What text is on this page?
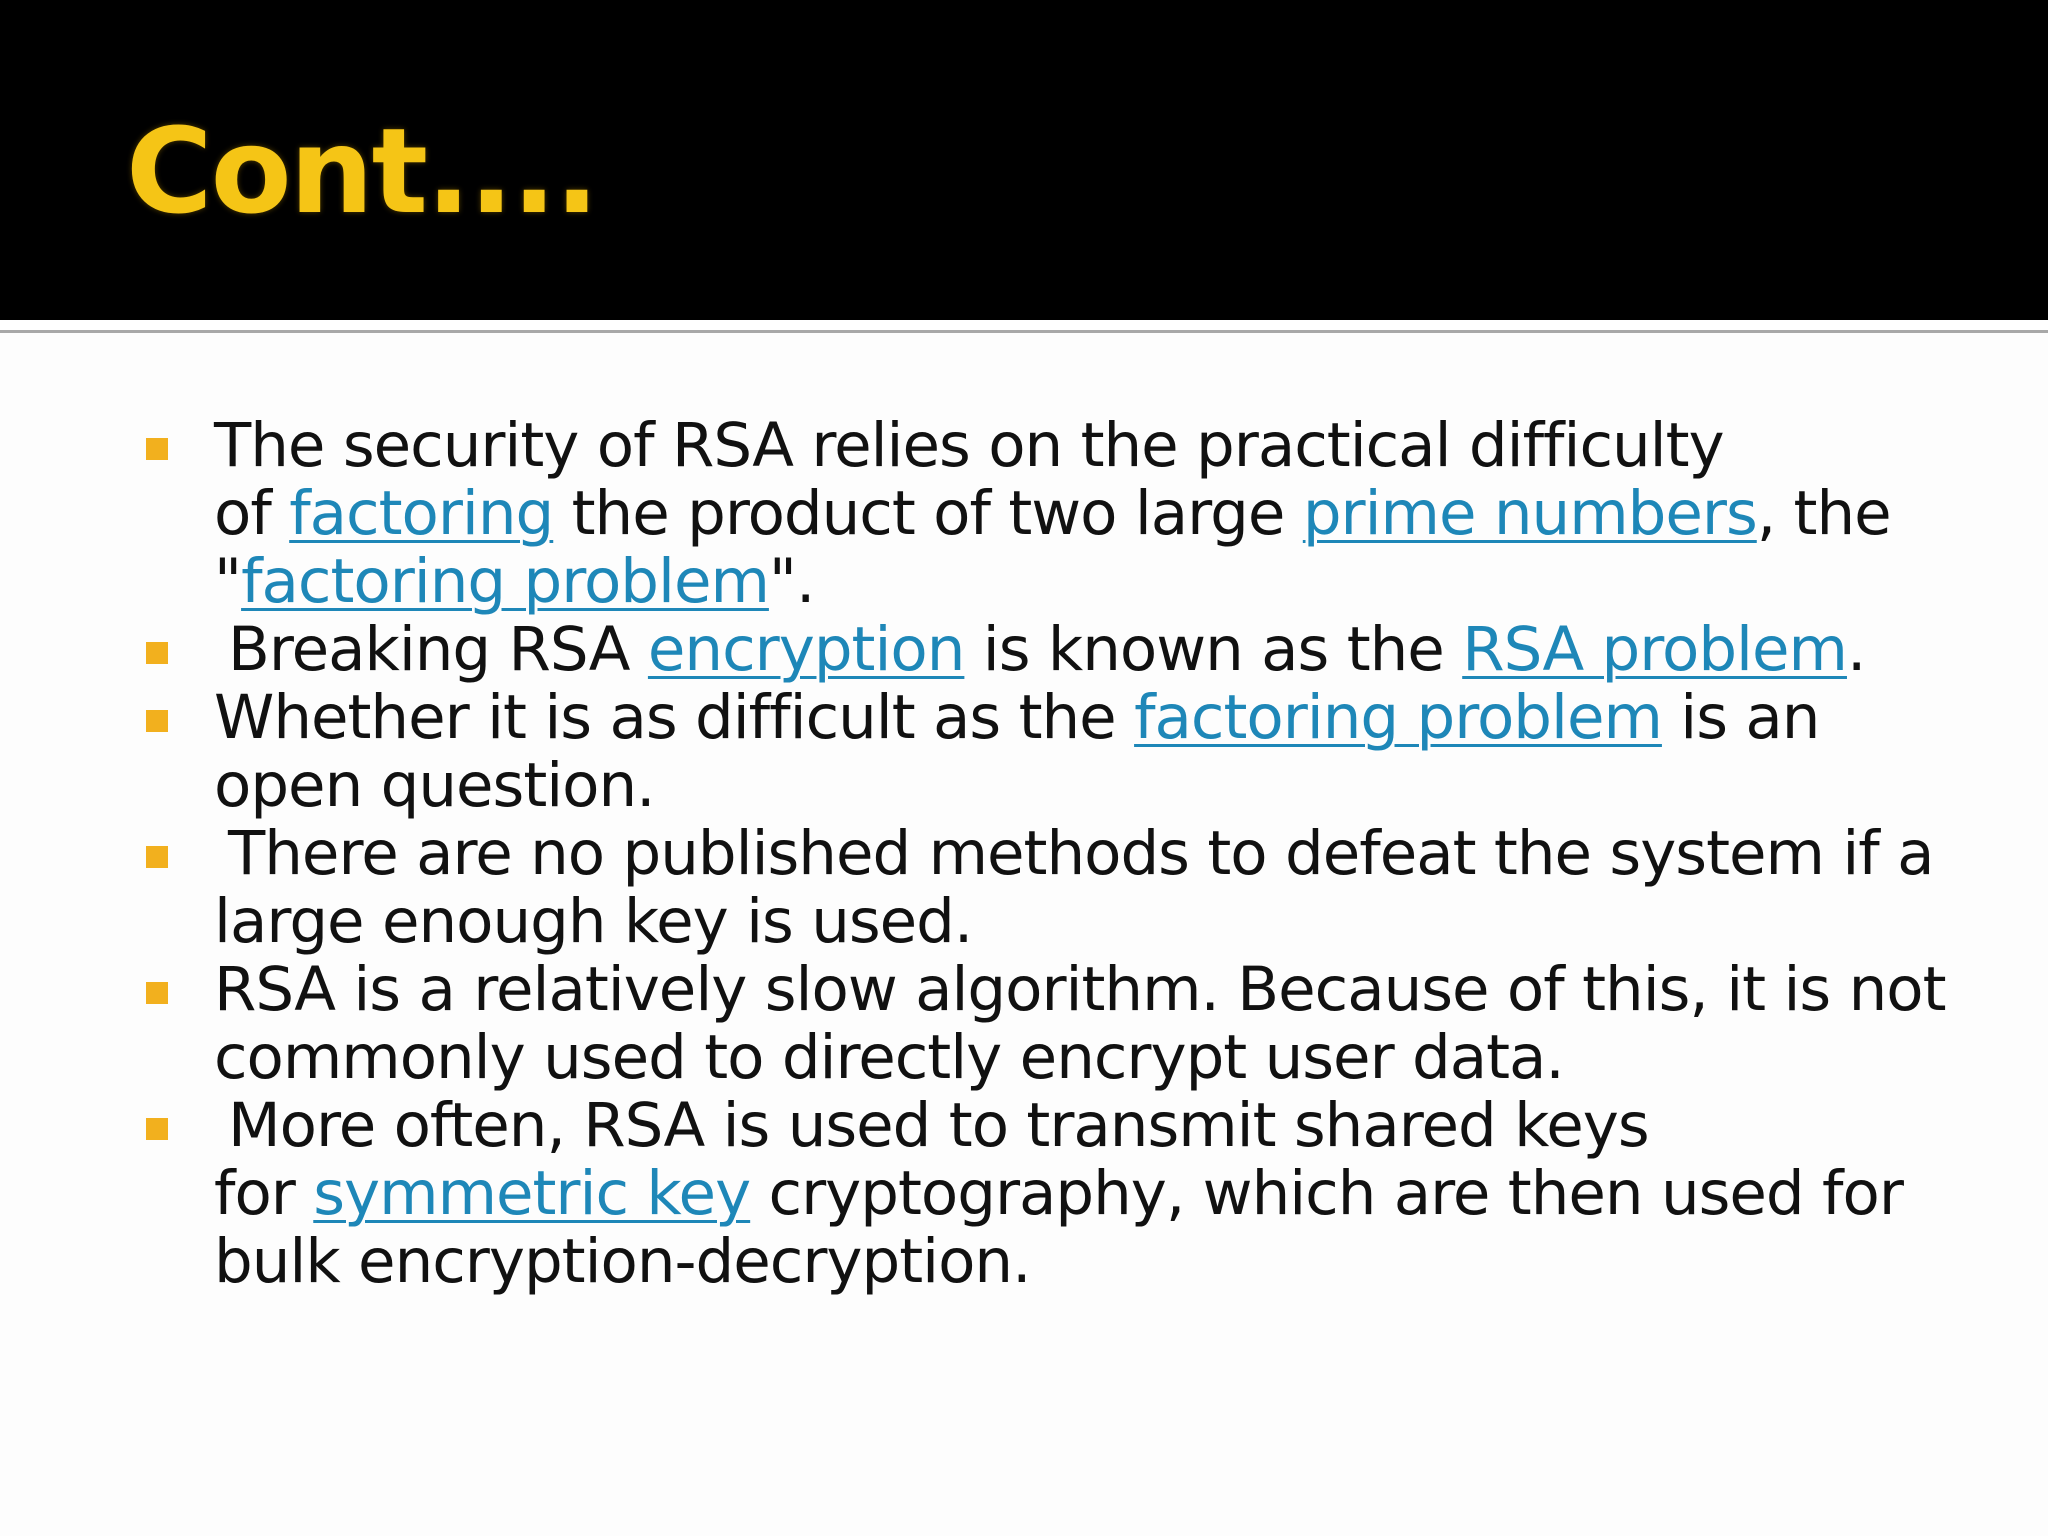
Cont....
The security of RSA relies on the practical difficulty
of factoring the product of two large prime numbers, the
"factoring problem".
Breaking RSA encryption is known as the RSA problem.
Whether it is as difficult as the factoring problem is an
open question.
There are no published methods to defeat the system if a
large enough key is used.
RSA is a relatively slow algorithm. Because of this, it is not
commonly used to directly encrypt user data.
More often, RSA is used to transmit shared keys
for symmetric key cryptography, which are then used for
bulk encryption-decryption.
